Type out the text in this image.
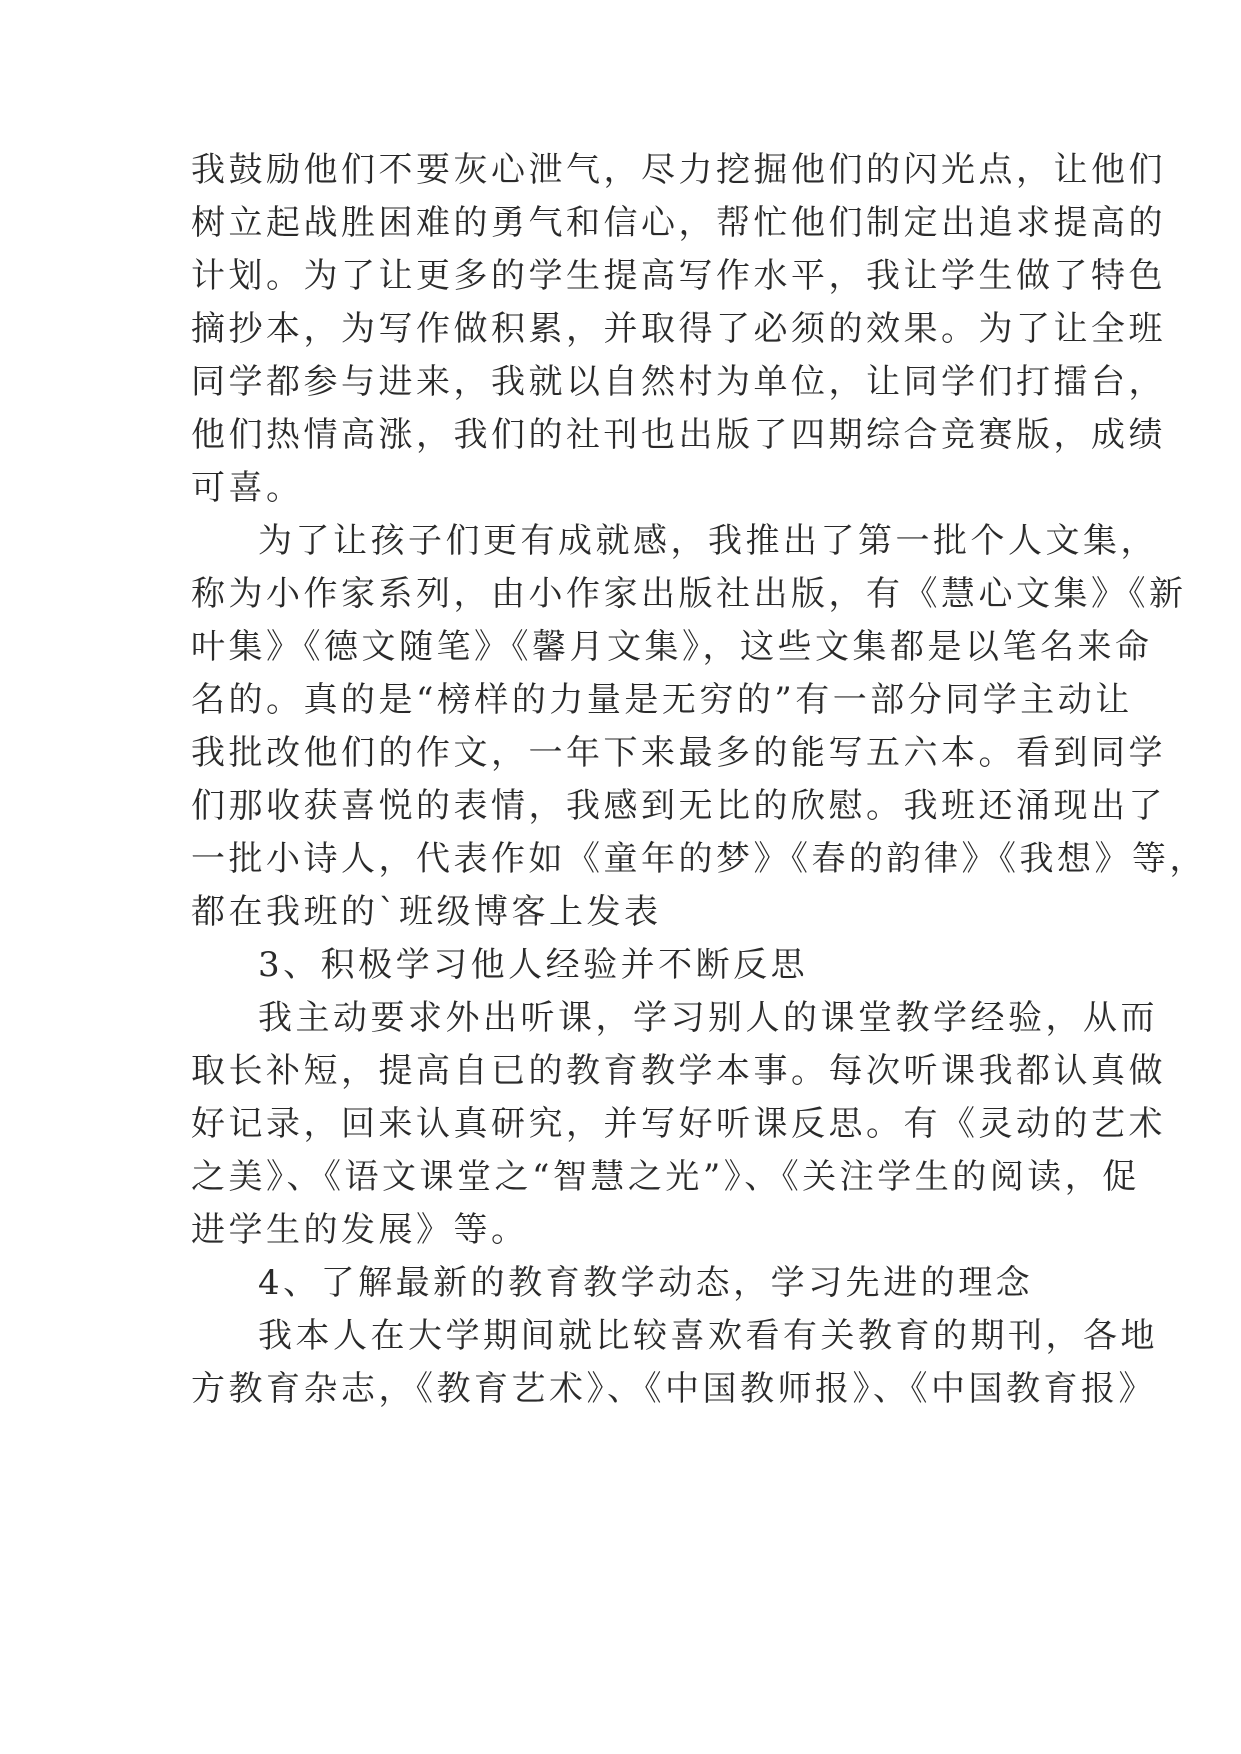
我鼓励他们不要灰心泄气，尽力挖掘他们的闪光点，让他们
树立起战胜困难的勇气和信心，帮忙他们制定出追求提高的
计划。为了让更多的学生提高写作水平，我让学生做了特色
摘抄本，为写作做积累，并取得了必须的效果。为了让全班
同学都参与进来，我就以自然村为单位，让同学们打擂台，
他们热情高涨，我们的社刊也出版了四期综合竞赛版，成绩
可喜。
为了让孩子们更有成就感，我推出了第一批个人文集，
称为小作家系列，由小作家出版社出版，有《慧心文集》《新
叶集》《德文随笔》《馨月文集》，这些文集都是以笔名来命
名的。真的是“榜样的力量是无穷的”有一部分同学主动让
我批改他们的作文，一年下来最多的能写五六本。看到同学
们那收获喜悦的表情，我感到无比的欣慰。我班还涌现出了
一批小诗人，代表作如《童年的梦》《春的韵律》《我想》等，
都在我班的`班级博客上发表
3、积极学习他人经验并不断反思
我主动要求外出听课，学习别人的课堂教学经验，从而
取长补短，提高自已的教育教学本事。每次听课我都认真做
好记录，回来认真研究，并写好听课反思。有《灵动的艺术
之美》、《语文课堂之“智慧之光”》、《关注学生的阅读，促
进学生的发展》等。
4、了解最新的教育教学动态，学习先进的理念
我本人在大学期间就比较喜欢看有关教育的期刊，各地
方教育杂志，《教育艺术》、《中国教师报》、《中国教育报》
